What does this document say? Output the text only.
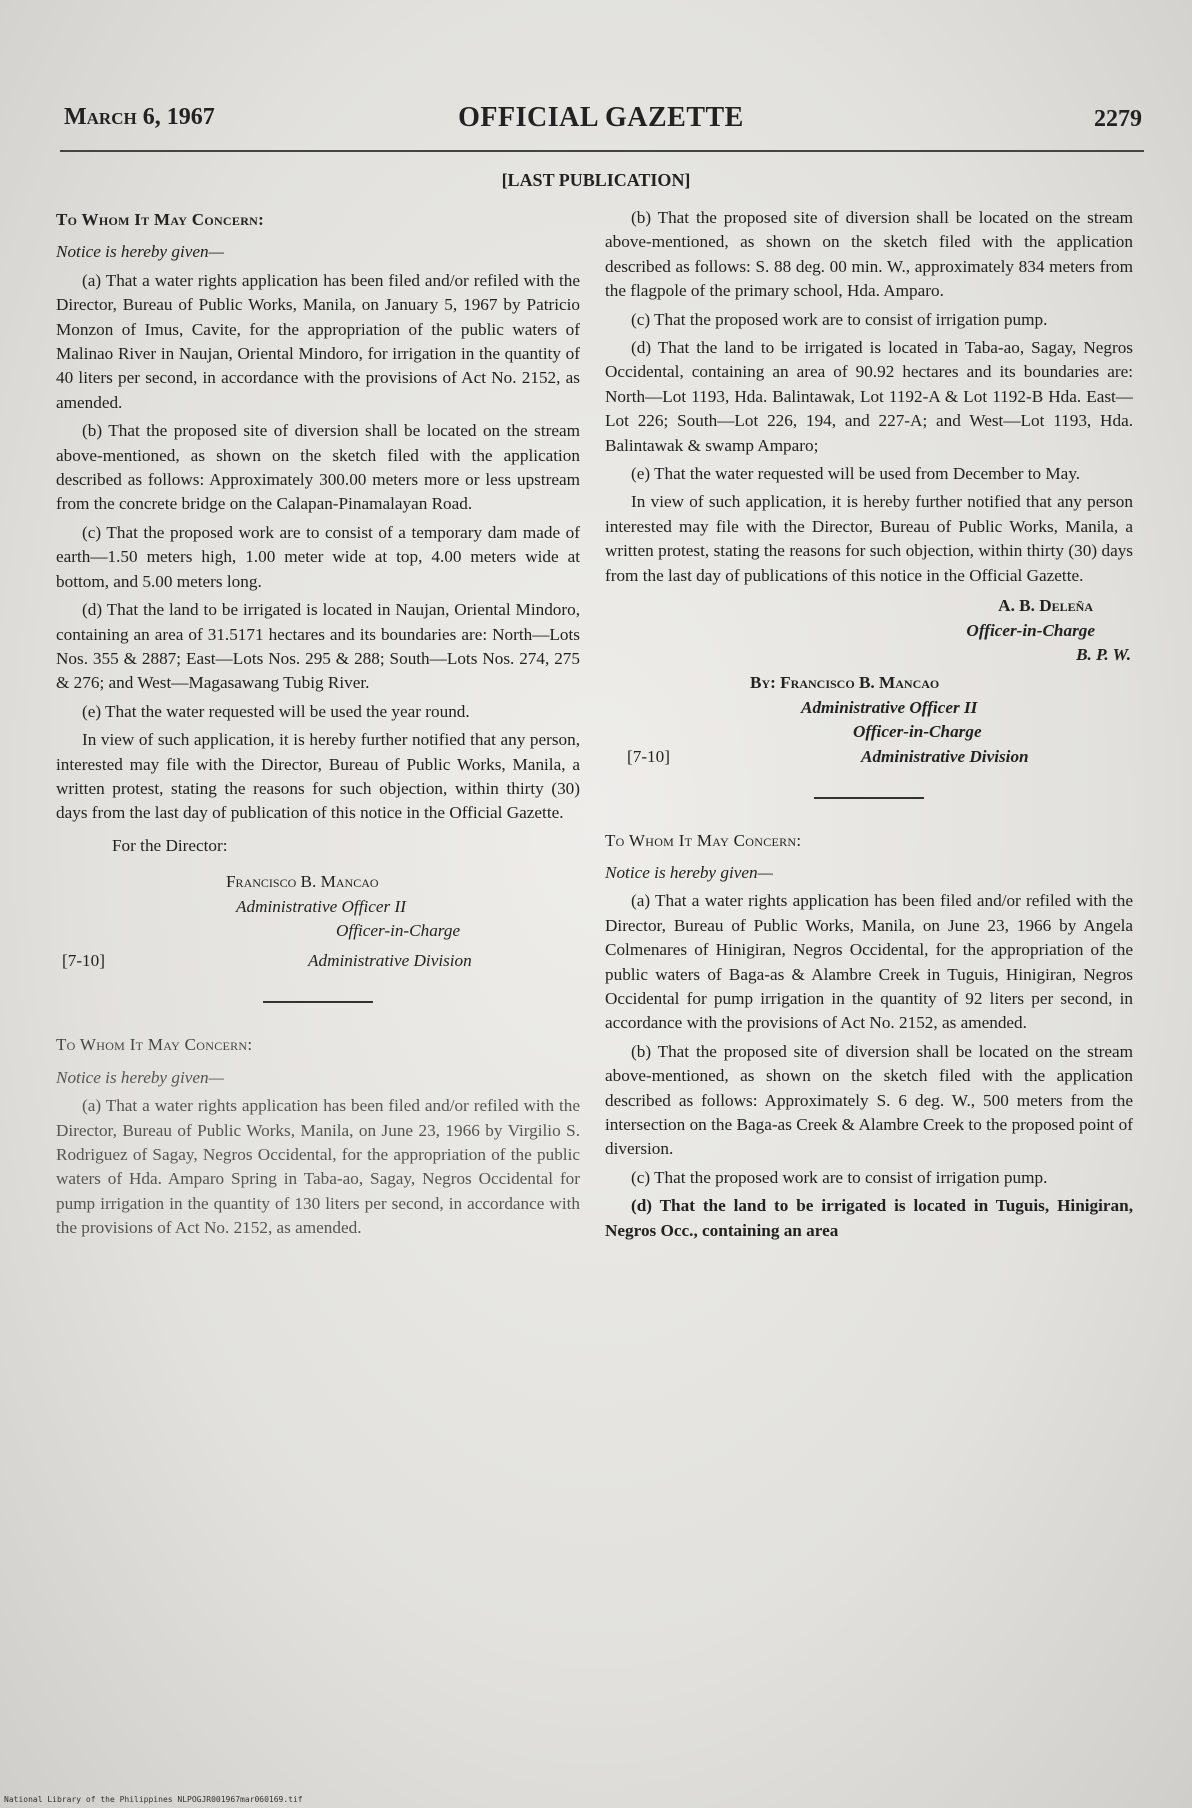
March 6, 1967	OFFICIAL GAZETTE	2279
[LAST PUBLICATION]
To Whom It May Concern:

Notice is hereby given—

(a) That a water rights application has been filed and/or refiled with the Director, Bureau of Public Works, Manila, on January 5, 1967 by Patricio Monzon of Imus, Cavite, for the appropriation of the public waters of Malinao River in Naujan, Oriental Mindoro, for irrigation in the quantity of 40 liters per second, in accordance with the provisions of Act No. 2152, as amended.

(b) That the proposed site of diversion shall be located on the stream above-mentioned, as shown on the sketch filed with the application described as follows: Approximately 300.00 meters more or less upstream from the concrete bridge on the Calapan-Pinamalayan Road.

(c) That the proposed work are to consist of a temporary dam made of earth—1.50 meters high, 1.00 meter wide at top, 4.00 meters wide at bottom, and 5.00 meters long.

(d) That the land to be irrigated is located in Naujan, Oriental Mindoro, containing an area of 31.5171 hectares and its boundaries are: North—Lots Nos. 355 & 2887; East—Lots Nos. 295 & 288; South—Lots Nos. 274, 275 & 276; and West—Magasawang Tubig River.

(e) That the water requested will be used the year round.

In view of such application, it is hereby further notified that any person, interested may file with the Director, Bureau of Public Works, Manila, a written protest, stating the reasons for such objection, within thirty (30) days from the last day of publication of this notice in the Official Gazette.

For the Director:

Francisco B. Mancao
Administrative Officer II
Officer-in-Charge
[7-10]	Administrative Division
To Whom It May Concern:

Notice is hereby given—

(a) That a water rights application has been filed and/or refiled with the Director, Bureau of Public Works, Manila, on June 23, 1966 by Virgilio S. Rodriguez of Sagay, Negros Occidental, for the appropriation of the public waters of Hda. Amparo Spring in Taba-ao, Sagay, Negros Occidental for pump irrigation in the quantity of 130 liters per second, in accordance with the provisions of Act No. 2152, as amended.

(b) That the proposed site of diversion shall be located on the stream above-mentioned, as shown on the sketch filed with the application described as follows: S. 88 deg. 00 min. W., approximately 834 meters from the flagpole of the primary school, Hda. Amparo.

(c) That the proposed work are to consist of irrigation pump.

(d) That the land to be irrigated is located in Taba-ao, Sagay, Negros Occidental, containing an area of 90.92 hectares and its boundaries are: North—Lot 1193, Hda. Balintawak, Lot 1192-A & Lot 1192-B Hda. East—Lot 226; South—Lot 226, 194, and 227-A; and West—Lot 1193, Hda. Balintawak & swamp Amparo;

(e) That the water requested will be used from December to May.

In view of such application, it is hereby further notified that any person interested may file with the Director, Bureau of Public Works, Manila, a written protest, stating the reasons for such objection, within thirty (30) days from the last day of publications of this notice in the Official Gazette.

A. B. Deleña
Officer-in-Charge
B. P. W.
By: Francisco B. Mancao
Administrative Officer II
Officer-in-Charge
[7-10]	Administrative Division
To Whom It May Concern:

Notice is hereby given—

(a) That a water rights application has been filed and/or refiled with the Director, Bureau of Public Works, Manila, on June 23, 1966 by Angela Colmenares of Hinigiran, Negros Occidental, for the appropriation of the public waters of Baga-as & Alambre Creek in Tuguis, Hinigiran, Negros Occidental for pump irrigation in the quantity of 92 liters per second, in accordance with the provisions of Act No. 2152, as amended.

(b) That the proposed site of diversion shall be located on the stream above-mentioned, as shown on the sketch filed with the application described as follows: Approximately S. 6 deg. W., 500 meters from the intersection on the Baga-as Creek & Alambre Creek to the proposed point of diversion.

(c) That the proposed work are to consist of irrigation pump.

(d) That the land to be irrigated is located in Tuguis, Hinigiran, Negros Occ., containing an area

National Library of the Philippines NLPOGJR001967mar060169.tif
